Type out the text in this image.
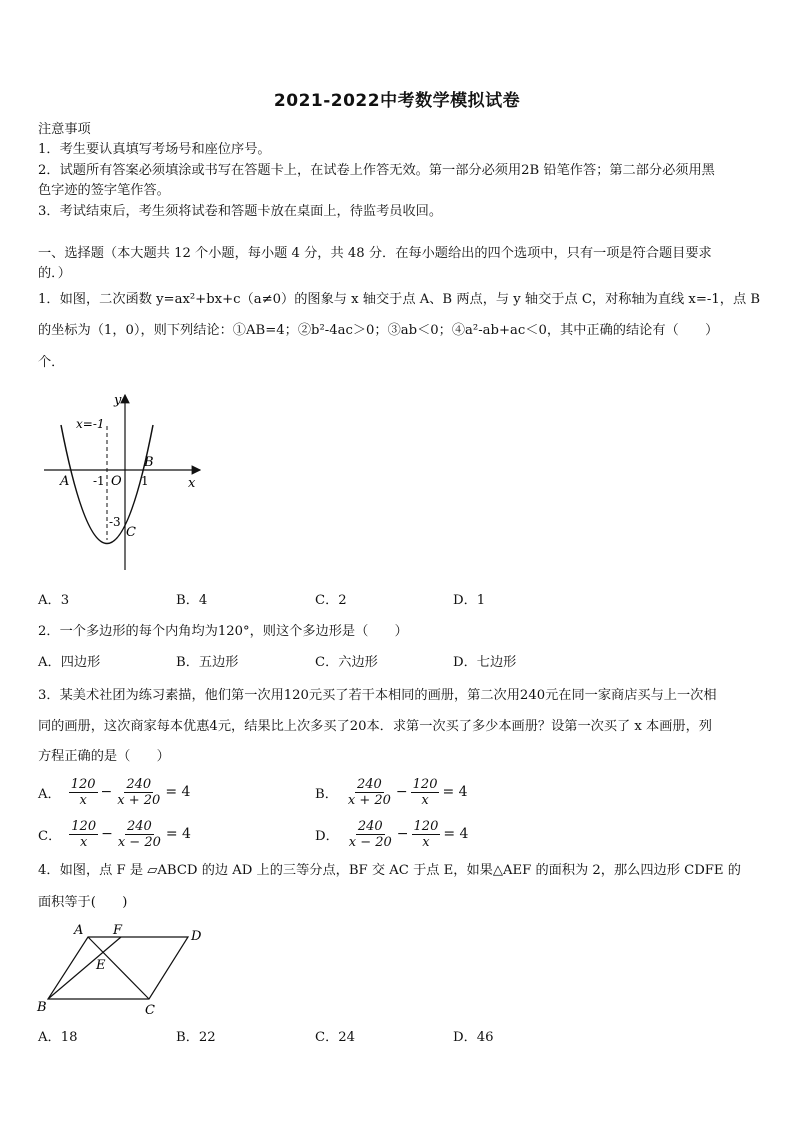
2021-2022中考数学模拟试卷
注意事项
1．考生要认真填写考场号和座位序号。
2．试题所有答案必须填涂或书写在答题卡上，在试卷上作答无效。第一部分必须用2B 铅笔作答；第二部分必须用黑
色字迹的签字笔作答。
3．考试结束后，考生须将试卷和答题卡放在桌面上，待监考员收回。
一、选择题（本大题共 12 个小题，每小题 4 分，共 48 分．在每小题给出的四个选项中，只有一项是符合题目要求
的．）
1．如图，二次函数 y=ax²+bx+c（a≠0）的图象与 x 轴交于点 A、B 两点，与 y 轴交于点 C，对称轴为直线 x=-1，点 B
的坐标为（1，0），则下列结论：①AB=4；②b²-4ac＞0；③ab＜0；④a²-ab+ac＜0，其中正确的结论有（　　）
个．
y
x
x=-1
A
B
C
O
-1	1
-3
A．3	B．4	C．2	D．1
2．一个多边形的每个内角均为120°，则这个多边形是（　　）
A．四边形	B．五边形	C．六边形	D．七边形
3．某美术社团为练习素描，他们第一次用120元买了若干本相同的画册，第二次用240元在同一家商店买与上一次相
同的画册，这次商家每本优惠4元，结果比上次多买了20本．求第一次买了多少本画册？设第一次买了 x 本画册，列
方程正确的是（　　）
A． $\frac{120}{x} - \frac{240}{x + 20} = 4$	B． $\frac{240}{x + 20} - \frac{120}{x} = 4$
C． $\frac{120}{x} - \frac{240}{x - 20} = 4$	D． $\frac{240}{x - 20} - \frac{120}{x} = 4$
4．如图，点 F 是 ▱ABCD 的边 AD 上的三等分点，BF 交 AC 于点 E，如果△AEF 的面积为 2，那么四边形 CDFE 的
面积等于(　　)
A F	D
E
B	C
A．18	B．22	C．24	D．46
